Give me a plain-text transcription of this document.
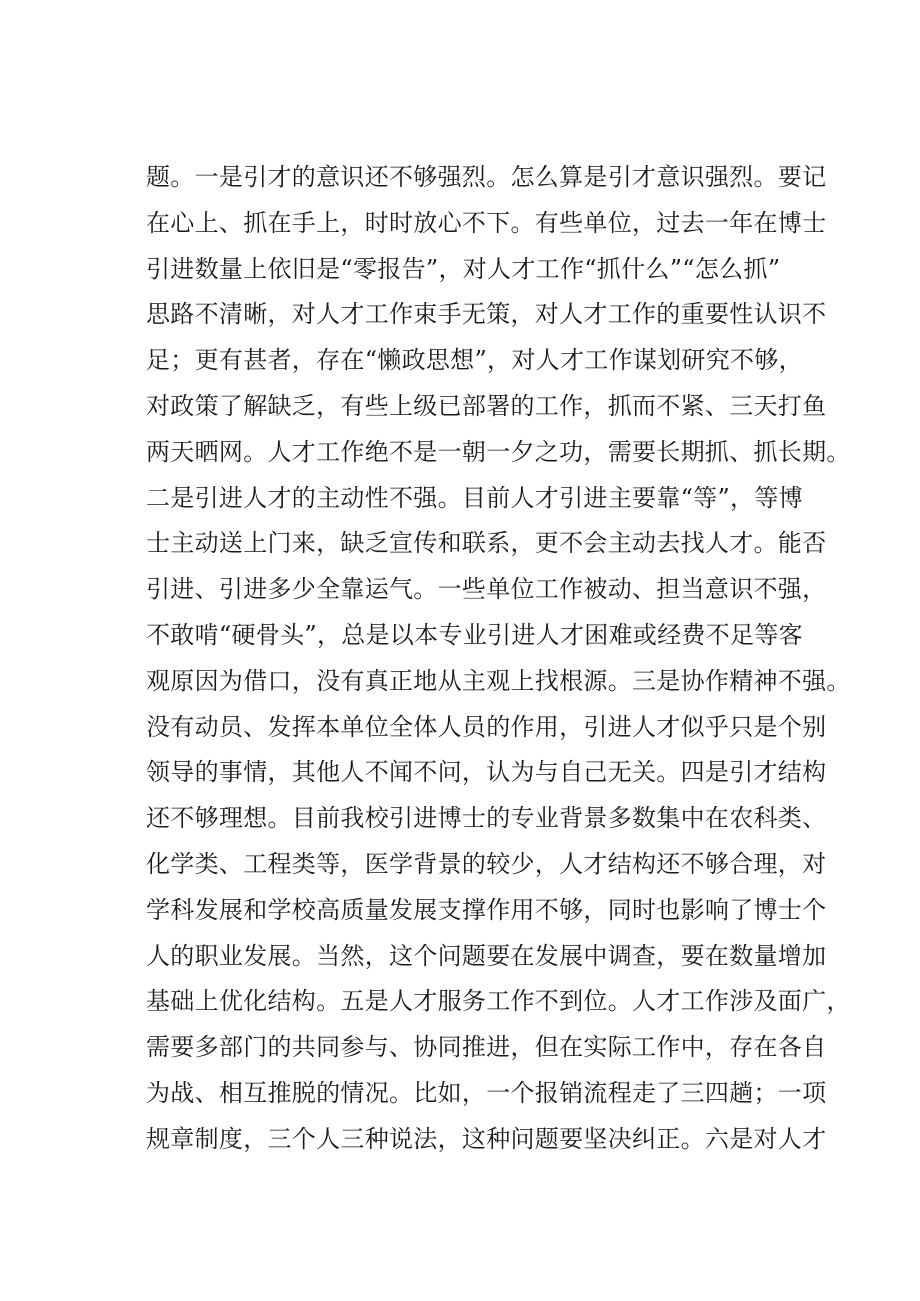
题。一是引才的意识还不够强烈。怎么算是引才意识强烈。要记
在心上、抓在手上，时时放心不下。有些单位，过去一年在博士
引进数量上依旧是“零报告”，对人才工作“抓什么”“怎么抓”
思路不清晰，对人才工作束手无策，对人才工作的重要性认识不
足；更有甚者，存在“懒政思想”，对人才工作谋划研究不够，
对政策了解缺乏，有些上级已部署的工作，抓而不紧、三天打鱼
两天晒网。人才工作绝不是一朝一夕之功，需要长期抓、抓长期。
二是引进人才的主动性不强。目前人才引进主要靠“等”，等博
士主动送上门来，缺乏宣传和联系，更不会主动去找人才。能否
引进、引进多少全靠运气。一些单位工作被动、担当意识不强，
不敢啃“硬骨头”，总是以本专业引进人才困难或经费不足等客
观原因为借口，没有真正地从主观上找根源。三是协作精神不强。
没有动员、发挥本单位全体人员的作用，引进人才似乎只是个别
领导的事情，其他人不闻不问，认为与自己无关。四是引才结构
还不够理想。目前我校引进博士的专业背景多数集中在农科类、
化学类、工程类等，医学背景的较少，人才结构还不够合理，对
学科发展和学校高质量发展支撑作用不够，同时也影响了博士个
人的职业发展。当然，这个问题要在发展中调查，要在数量增加
基础上优化结构。五是人才服务工作不到位。人才工作涉及面广，
需要多部门的共同参与、协同推进，但在实际工作中，存在各自
为战、相互推脱的情况。比如，一个报销流程走了三四趟；一项
规章制度，三个人三种说法，这种问题要坚决纠正。六是对人才
